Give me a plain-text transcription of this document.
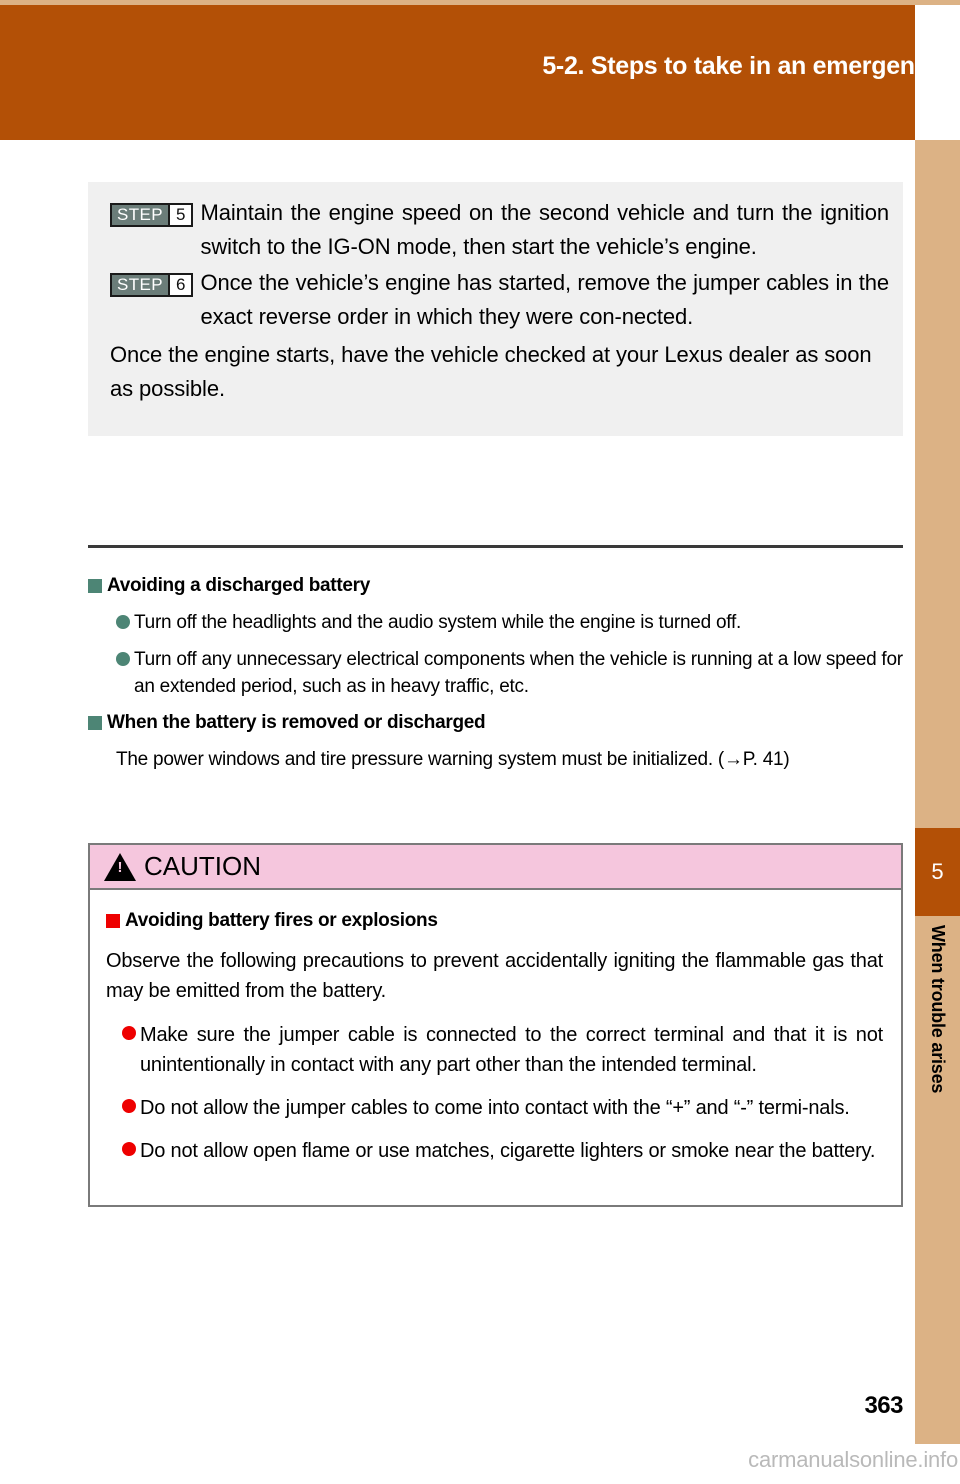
5-2. Steps to take in an emergency
5
When trouble arises
STEP 5 Maintain the engine speed on the second vehicle and turn the ignition switch to the IG-ON mode, then start the vehicle’s engine.
STEP 6 Once the vehicle’s engine has started, remove the jumper cables in the exact reverse order in which they were con-nected.
Once the engine starts, have the vehicle checked at your Lexus dealer as soon as possible.
Avoiding a discharged battery
Turn off the headlights and the audio system while the engine is turned off.
Turn off any unnecessary electrical components when the vehicle is running at a low speed for an extended period, such as in heavy traffic, etc.
When the battery is removed or discharged
The power windows and tire pressure warning system must be initialized. (→P. 41)
!
CAUTION
Avoiding battery fires or explosions
Observe the following precautions to prevent accidentally igniting the flammable gas that may be emitted from the battery.
Make sure the jumper cable is connected to the correct terminal and that it is not unintentionally in contact with any part other than the intended terminal.
Do not allow the jumper cables to come into contact with the “+” and “-” termi-nals.
Do not allow open flame or use matches, cigarette lighters or smoke near the battery.
363
carmanualsonline.info
